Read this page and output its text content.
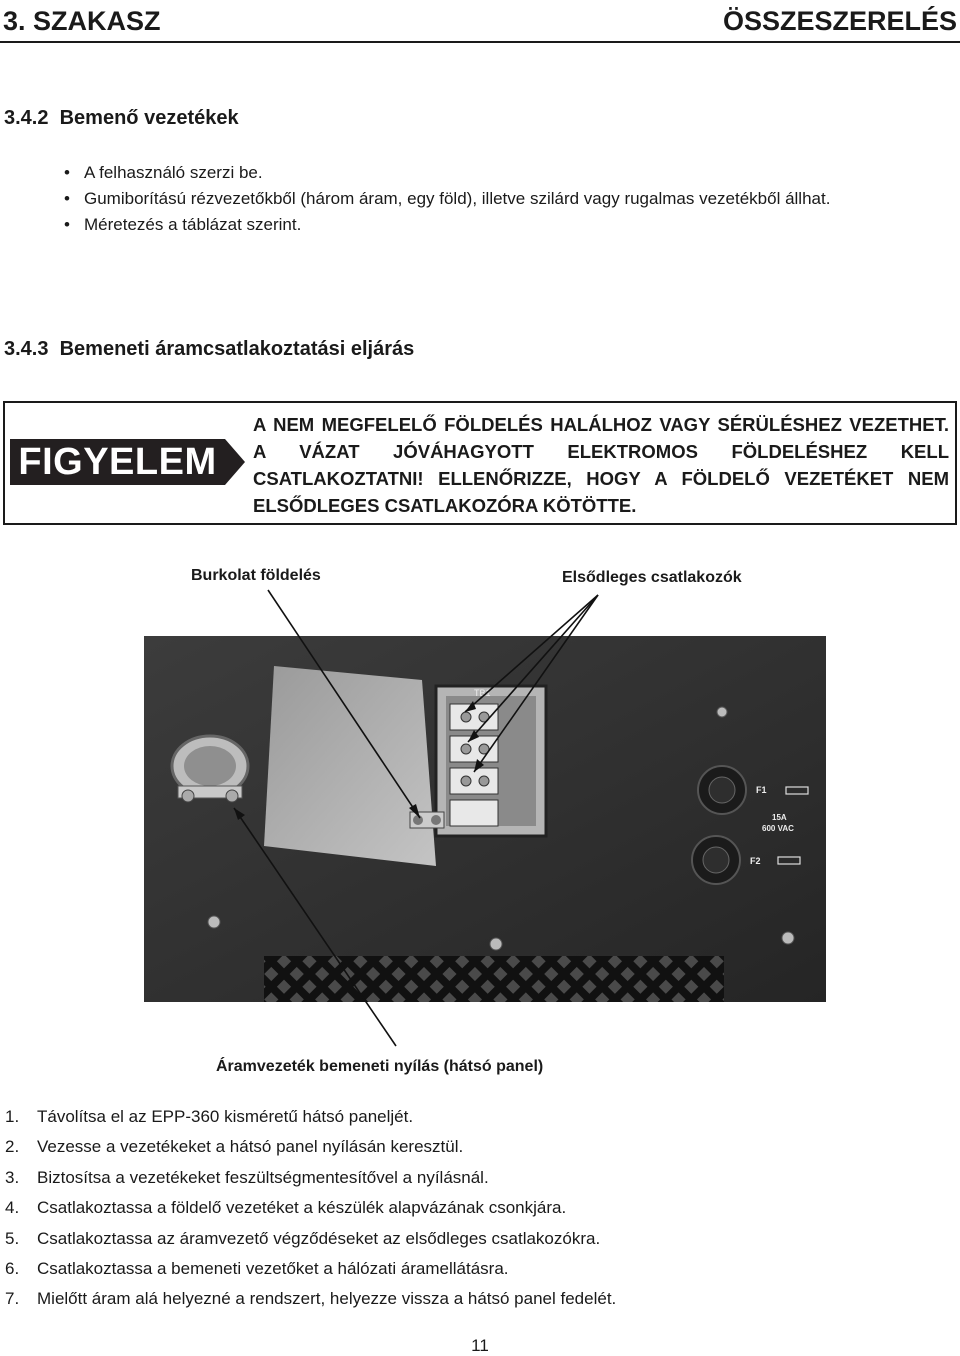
3. SZAKASZ	ÖSSZESZERELÉS
3.4.2 Bemenő vezetékek
• A felhasználó szerzi be.
• Gumiborítású rézvezetőkből (három áram, egy föld), illetve szilárd vagy rugalmas vezetékből állhat.
• Méretezés a táblázat szerint.
3.4.3 Bemeneti áramcsatlakoztatási eljárás
FIGYELEM
A NEM MEGFELELŐ FÖLDELÉS HALÁLHOZ VAGY SÉRÜLÉSHEZ VEZETHET. A VÁZAT JÓVÁHAGYOTT ELEKTROMOS FÖLDELÉSHEZ KELL CSATLAKOZTATNI! ELLENŐRIZZE, HOGY A FÖLDELŐ VEZETÉKET NEM ELSŐDLEGES CSATLAKOZÓRA KÖTÖTTE.
Burkolat földelés	Elsődleges csatlakozók
Áramvezeték bemeneti nyílás (hátsó panel)
TB1
F1
F2
15A
600 VAC
1. Távolítsa el az EPP-360 kisméretű hátsó paneljét.
2. Vezesse a vezetékeket a hátsó panel nyílásán keresztül.
3. Biztosítsa a vezetékeket feszültségmentesítővel a nyílásnál.
4. Csatlakoztassa a földelő vezetéket a készülék alapvázának csonkjára.
5. Csatlakoztassa az áramvezető végződéseket az elsődleges csatlakozókra.
6. Csatlakoztassa a bemeneti vezetőket a hálózati áramellátásra.
7. Mielőtt áram alá helyezné a rendszert, helyezze vissza a hátsó panel fedelét.
11
